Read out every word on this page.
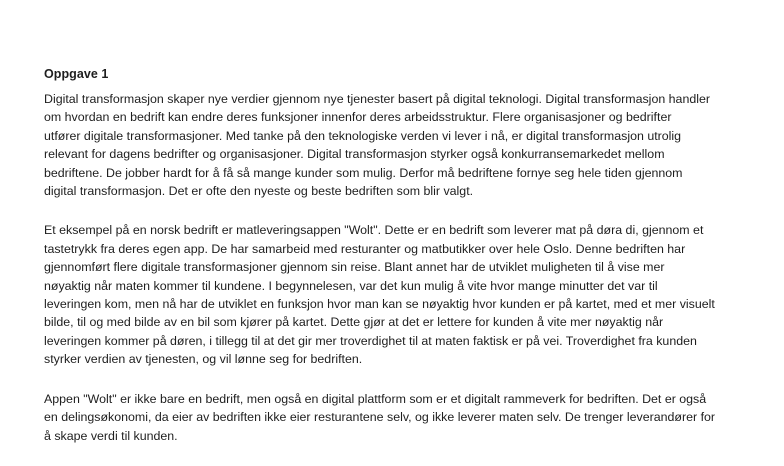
Oppgave 1
Digital transformasjon skaper nye verdier gjennom nye tjenester basert på digital teknologi. Digital transformasjon handler
om hvordan en bedrift kan endre deres funksjoner innenfor deres arbeidsstruktur. Flere organisasjoner og bedrifter
utfører digitale transformasjoner. Med tanke på den teknologiske verden vi lever i nå, er digital transformasjon utrolig
relevant for dagens bedrifter og organisasjoner. Digital transformasjon styrker også konkurransemarkedet mellom
bedriftene. De jobber hardt for å få så mange kunder som mulig. Derfor må bedriftene fornye seg hele tiden gjennom
digital transformasjon. Det er ofte den nyeste og beste bedriften som blir valgt.
Et eksempel på en norsk bedrift er matleveringsappen "Wolt". Dette er en bedrift som leverer mat på døra di, gjennom et
tastetrykk fra deres egen app. De har samarbeid med resturanter og matbutikker over hele Oslo. Denne bedriften har
gjennomført flere digitale transformasjoner gjennom sin reise. Blant annet har de utviklet muligheten til å vise mer
nøyaktig når maten kommer til kundene. I begynnelesen, var det kun mulig å vite hvor mange minutter det var til
leveringen kom, men nå har de utviklet en funksjon hvor man kan se nøyaktig hvor kunden er på kartet, med et mer visuelt
bilde, til og med bilde av en bil som kjører på kartet. Dette gjør at det er lettere for kunden å vite mer nøyaktig når
leveringen kommer på døren, i tillegg til at det gir mer troverdighet til at maten faktisk er på vei. Troverdighet fra kunden
styrker verdien av tjenesten, og vil lønne seg for bedriften.
Appen "Wolt" er ikke bare en bedrift, men også en digital plattform som er et digitalt rammeverk for bedriften. Det er også
en delingsøkonomi, da eier av bedriften ikke eier resturantene selv, og ikke leverer maten selv. De trenger leverandører for
å skape verdi til kunden.
